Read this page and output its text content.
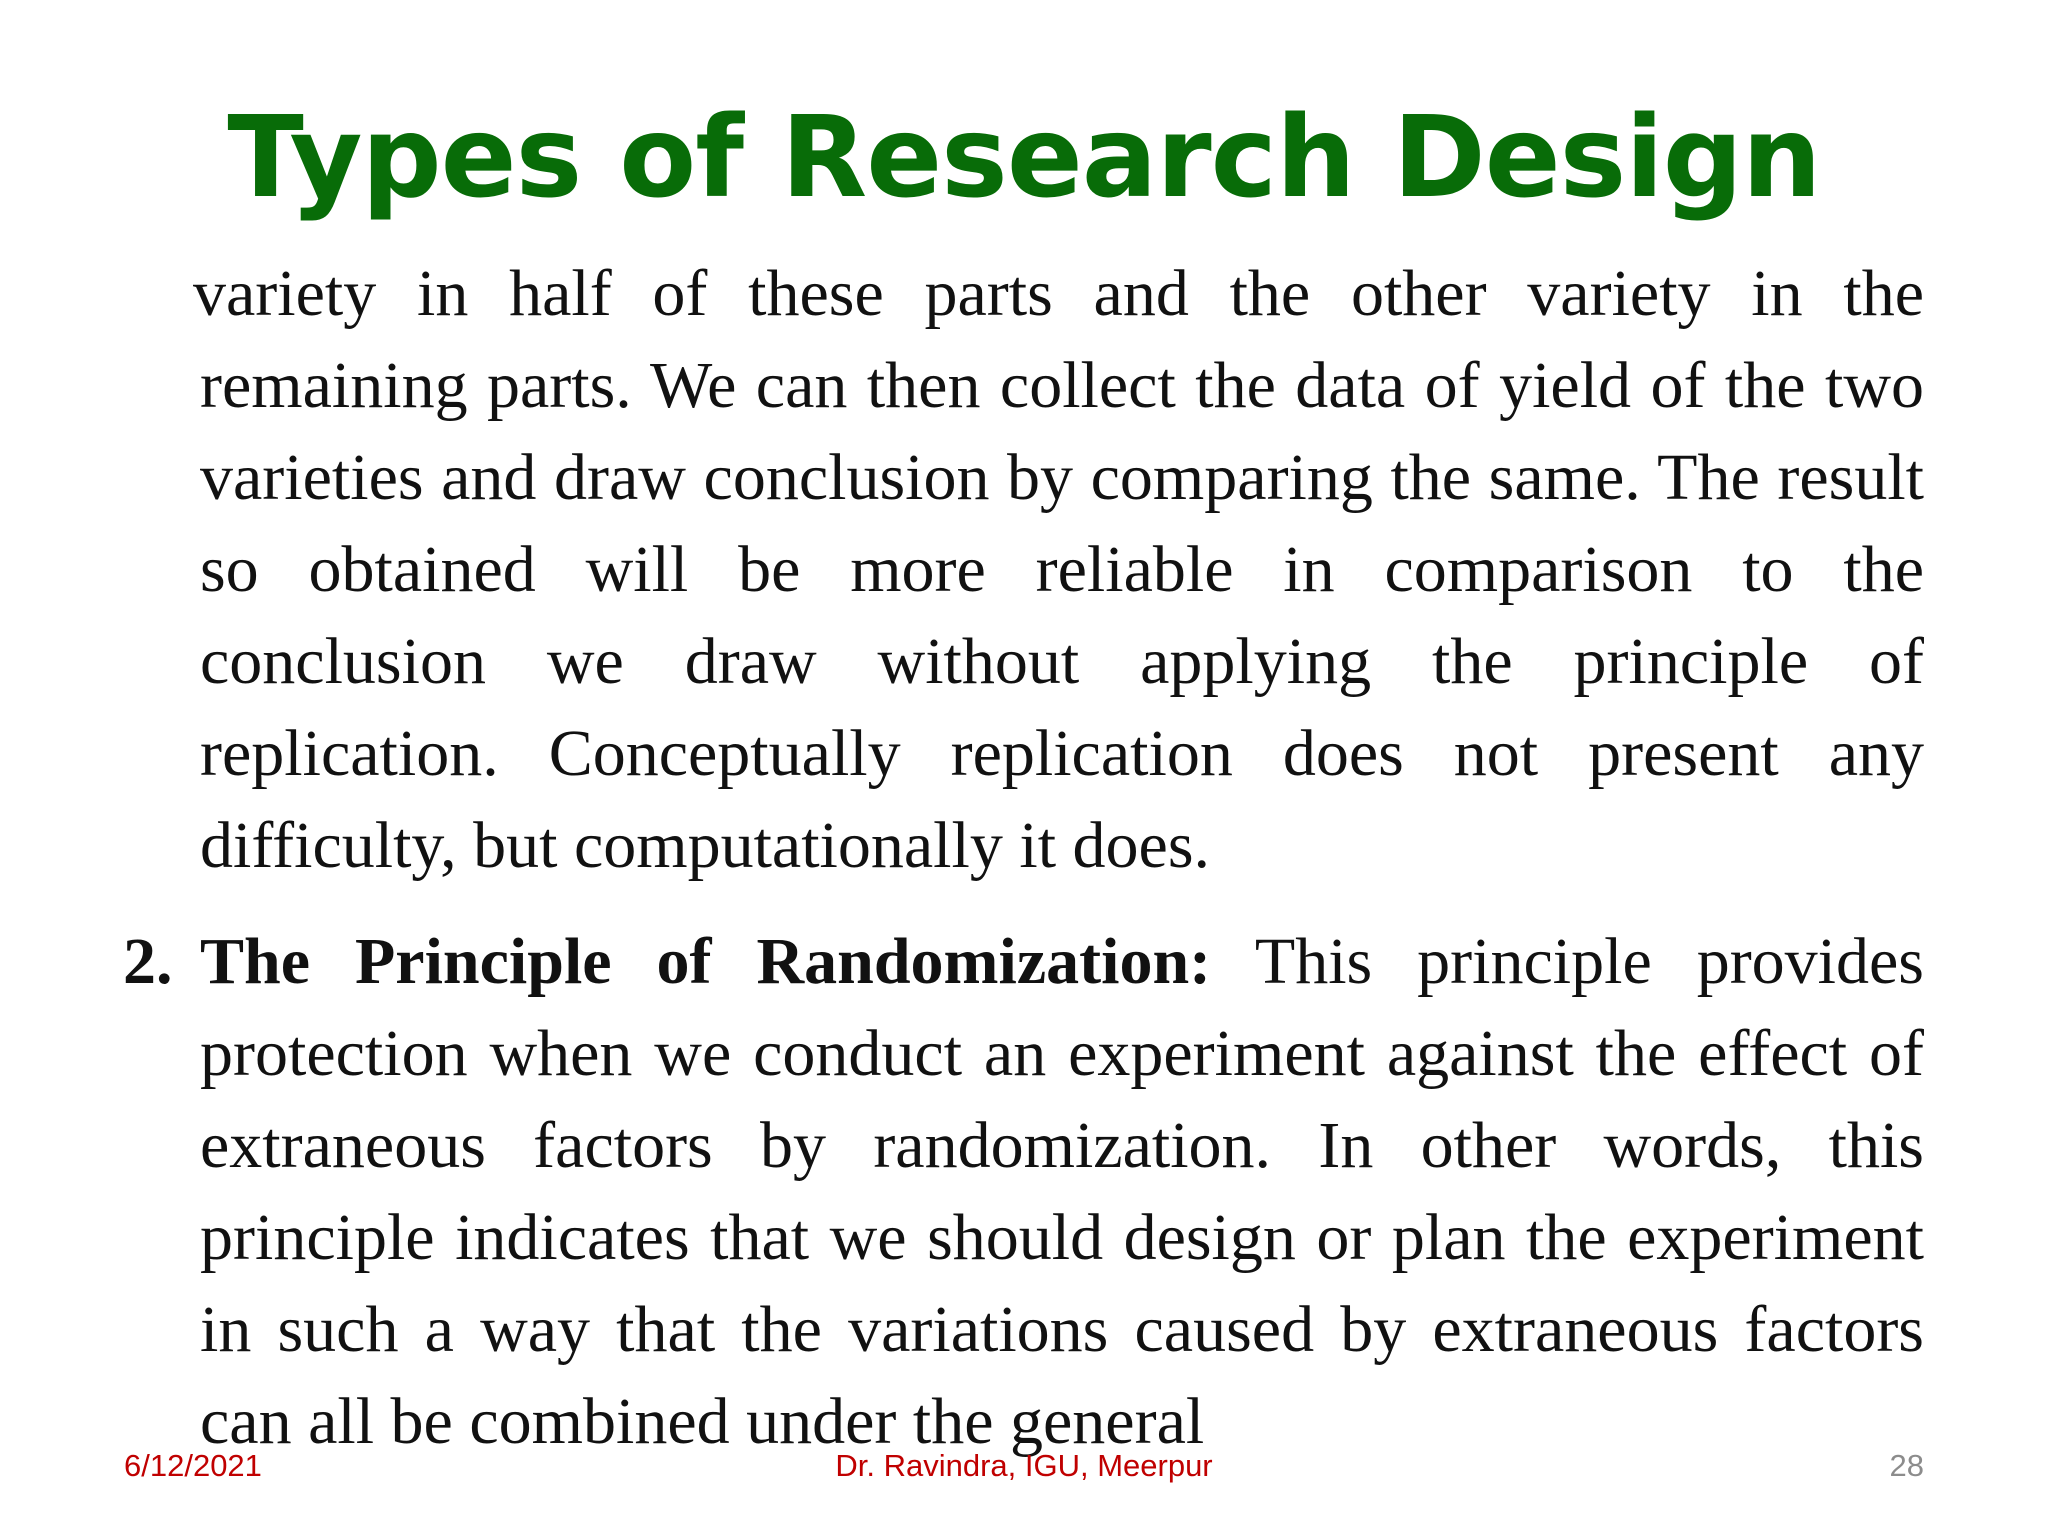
Types of Research Design

variety in half of these parts and the other variety in the remaining parts. We can then collect the data of yield of the two varieties and draw conclusion by comparing the same. The result so obtained will be more reliable in comparison to the conclusion we draw without applying the principle of replication. Conceptually replication does not present any difficulty, but computationally it does.

2. The Principle of Randomization: This principle provides protection when we conduct an experiment against the effect of extraneous factors by randomization. In other words, this principle indicates that we should design or plan the experiment in such a way that the variations caused by extraneous factors can all be combined under the general

6/12/2021	Dr. Ravindra, IGU, Meerpur	28
